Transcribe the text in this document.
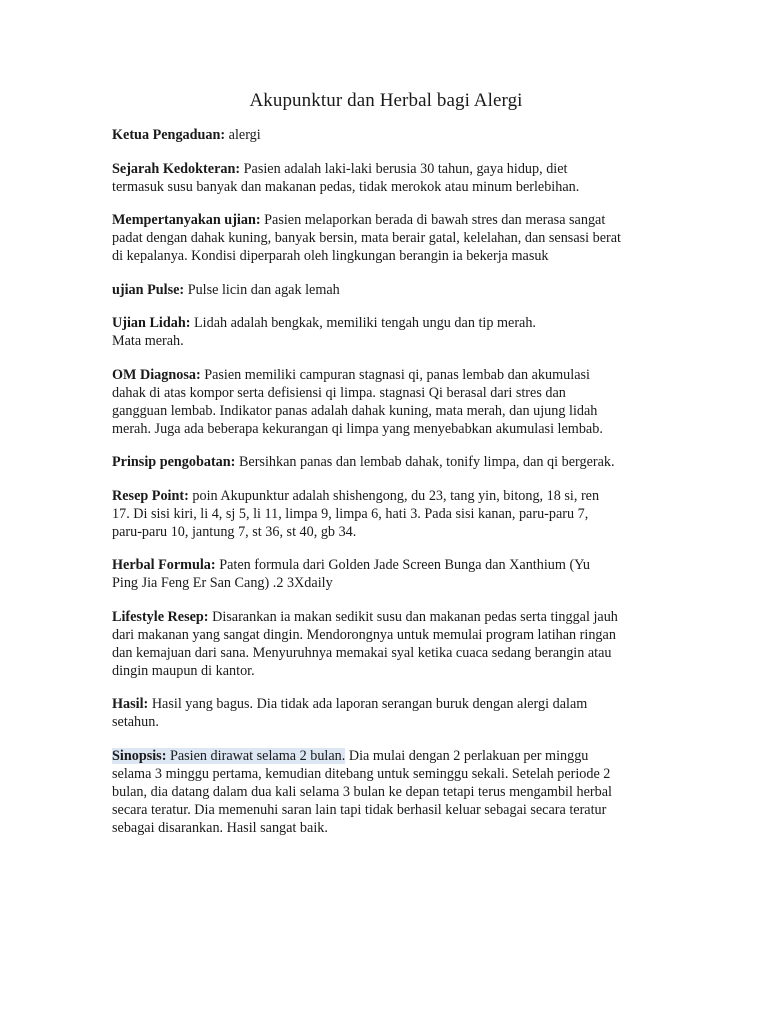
Akupunktur dan Herbal bagi Alergi

Ketua Pengaduan: alergi

Sejarah Kedokteran: Pasien adalah laki-laki berusia 30 tahun, gaya hidup, diet
termasuk susu banyak dan makanan pedas, tidak merokok atau minum berlebihan.

Mempertanyakan ujian: Pasien melaporkan berada di bawah stres dan merasa sangat
padat dengan dahak kuning, banyak bersin, mata berair gatal, kelelahan, dan sensasi berat
di kepalanya. Kondisi diperparah oleh lingkungan berangin ia bekerja masuk

ujian Pulse: Pulse licin dan agak lemah

Ujian Lidah: Lidah adalah bengkak, memiliki tengah ungu dan tip merah.
Mata merah.

OM Diagnosa: Pasien memiliki campuran stagnasi qi, panas lembab dan akumulasi
dahak di atas kompor serta defisiensi qi limpa. stagnasi Qi berasal dari stres dan
gangguan lembab. Indikator panas adalah dahak kuning, mata merah, dan ujung lidah
merah. Juga ada beberapa kekurangan qi limpa yang menyebabkan akumulasi lembab.

Prinsip pengobatan: Bersihkan panas dan lembab dahak, tonify limpa, dan qi bergerak.

Resep Point: poin Akupunktur adalah shishengong, du 23, tang yin, bitong, 18 si, ren
17. Di sisi kiri, li 4, sj 5, li 11, limpa 9, limpa 6, hati 3. Pada sisi kanan, paru-paru 7,
paru-paru 10, jantung 7, st 36, st 40, gb 34.

Herbal Formula: Paten formula dari Golden Jade Screen Bunga dan Xanthium (Yu
Ping Jia Feng Er San Cang) .2 3Xdaily

Lifestyle Resep: Disarankan ia makan sedikit susu dan makanan pedas serta tinggal jauh
dari makanan yang sangat dingin. Mendorongnya untuk memulai program latihan ringan
dan kemajuan dari sana. Menyuruhnya memakai syal ketika cuaca sedang berangin atau
dingin maupun di kantor.

Hasil: Hasil yang bagus. Dia tidak ada laporan serangan buruk dengan alergi dalam
setahun.

Sinopsis: Pasien dirawat selama 2 bulan. Dia mulai dengan 2 perlakuan per minggu
selama 3 minggu pertama, kemudian ditebang untuk seminggu sekali. Setelah periode 2
bulan, dia datang dalam dua kali selama 3 bulan ke depan tetapi terus mengambil herbal
secara teratur. Dia memenuhi saran lain tapi tidak berhasil keluar sebagai secara teratur
sebagai disarankan. Hasil sangat baik.
